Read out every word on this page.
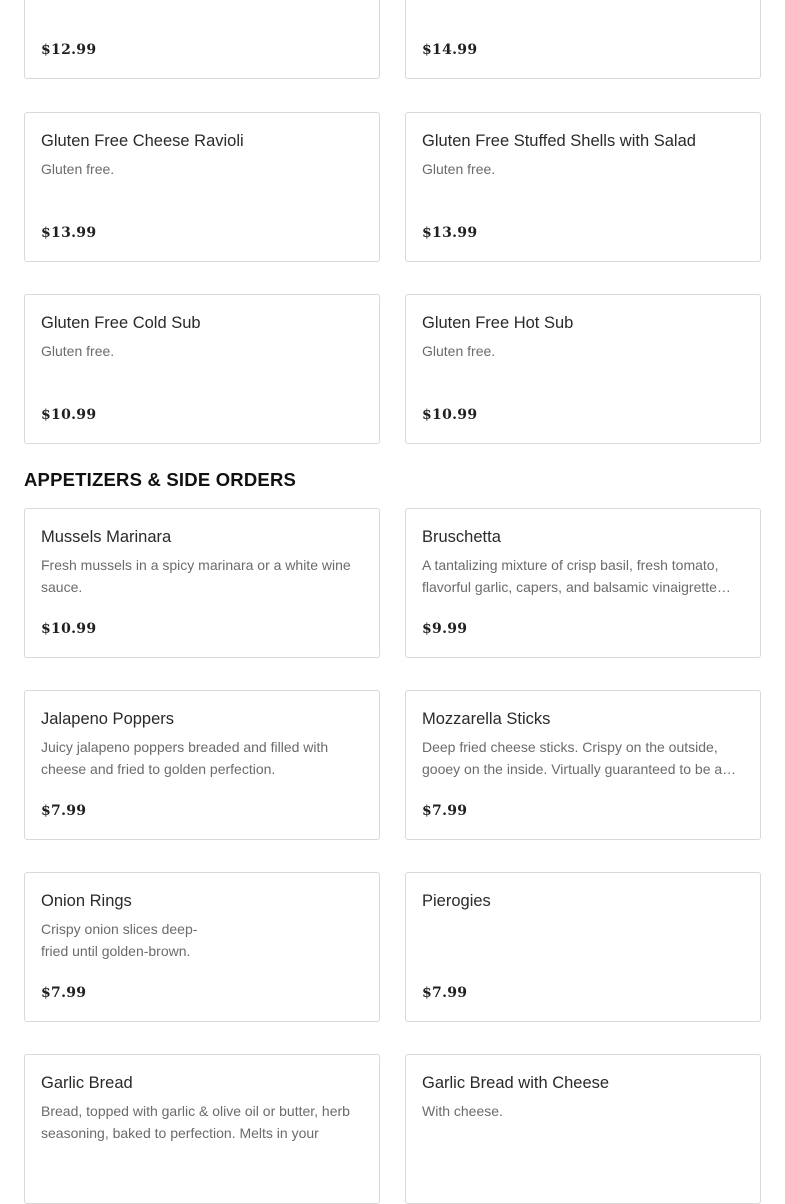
$12.99	$14.99
Gluten Free Cheese Ravioli
Gluten free.
$13.99
Gluten Free Stuffed Shells with Salad
Gluten free.
$13.99
Gluten Free Cold Sub
Gluten free.
$10.99
Gluten Free Hot Sub
Gluten free.
$10.99
APPETIZERS & SIDE ORDERS
Mussels Marinara
Fresh mussels in a spicy marinara or a white wine sauce.
$10.99
Bruschetta
A tantalizing mixture of crisp basil, fresh tomato, flavorful garlic, capers, and balsamic vinaigrette…
$9.99
Jalapeno Poppers
Juicy jalapeno poppers breaded and filled with cheese and fried to golden perfection.
$7.99
Mozzarella Sticks
Deep fried cheese sticks. Crispy on the outside, gooey on the inside. Virtually guaranteed to be a…
$7.99
Onion Rings
Crispy onion slices deep-fried until golden-brown.
$7.99
Pierogies
$7.99
Garlic Bread
Bread, topped with garlic & olive oil or butter, herb seasoning, baked to perfection. Melts in your
Garlic Bread with Cheese
With cheese.
